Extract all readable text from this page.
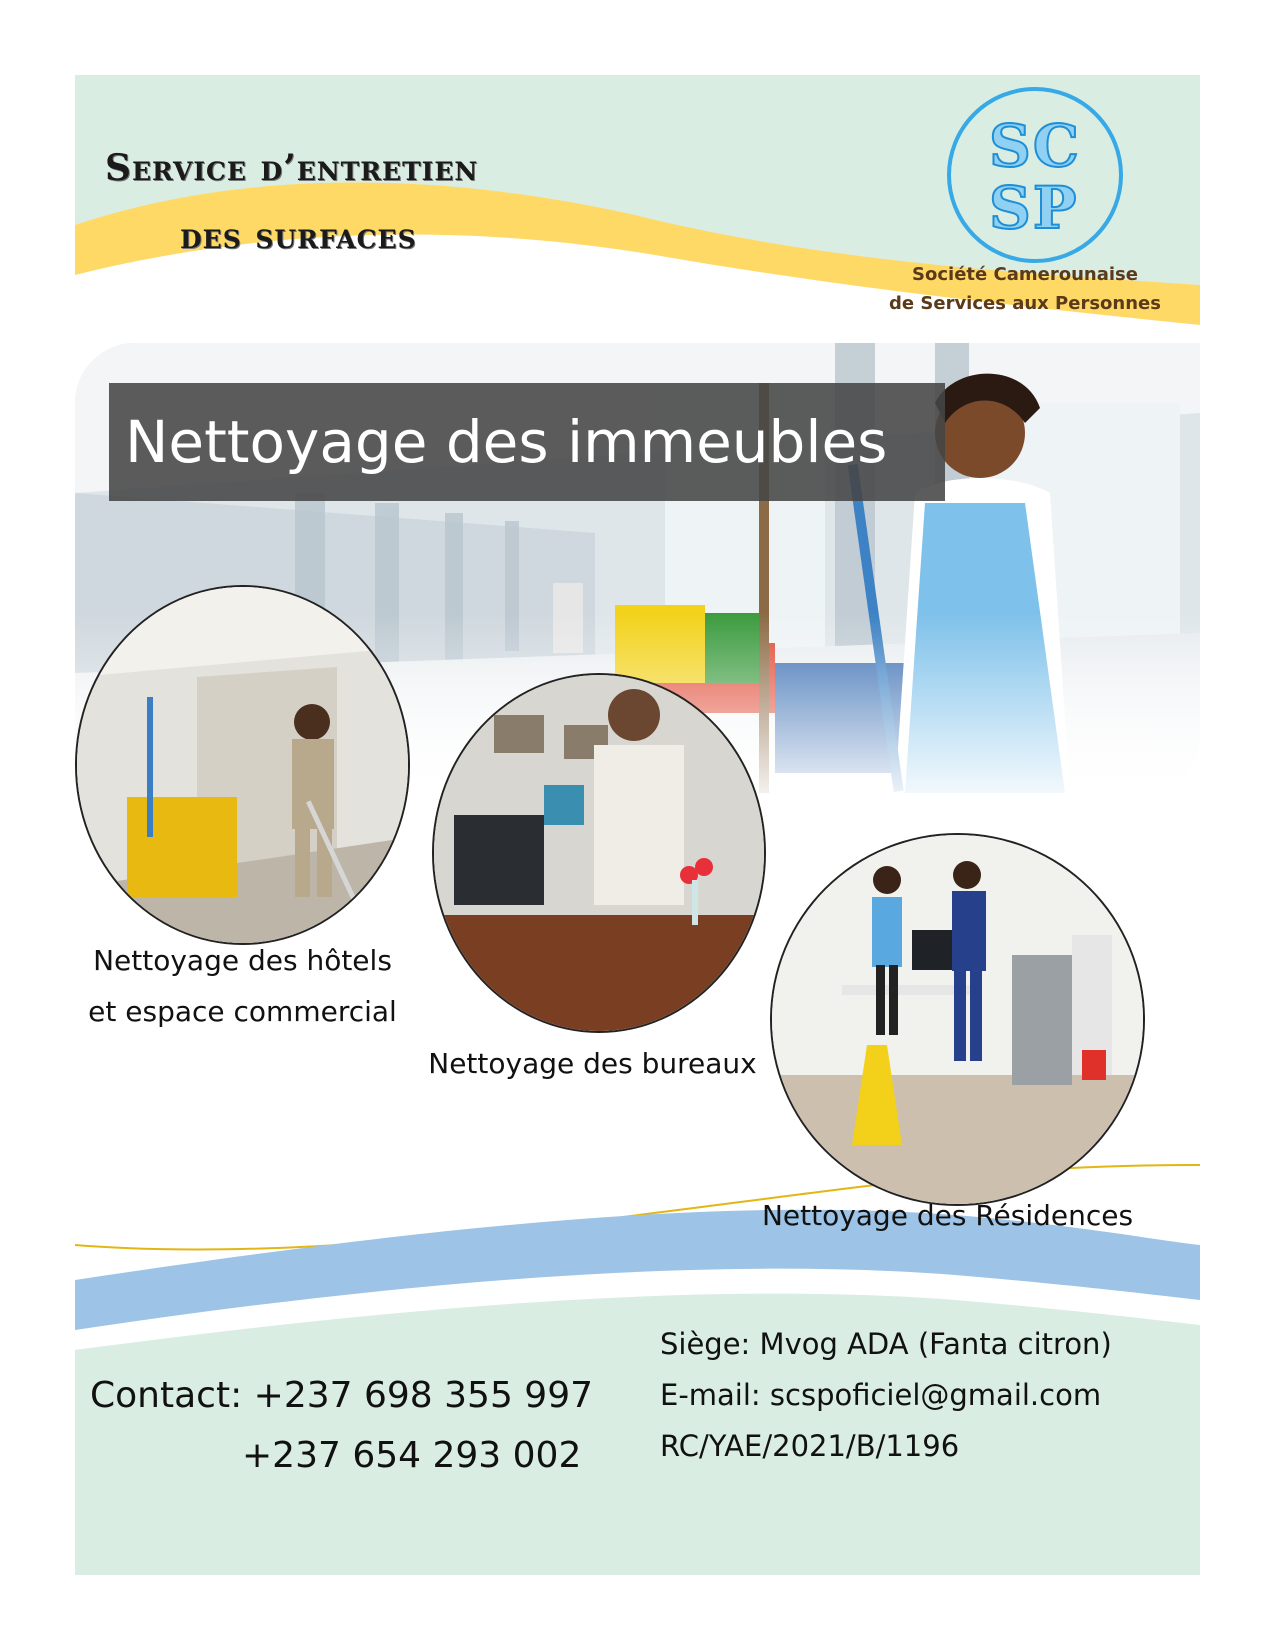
Service d’entretien
des surfaces
SC
SP
Société Camerounaise
de Services aux Personnes
Nettoyage des immeubles
Nettoyage des hôtels
et espace commercial
Nettoyage des bureaux
Nettoyage des Résidences
Contact: +237 698 355 997
+237 654 293 002
Siège: Mvog ADA (Fanta citron)
E-mail: scspoficiel@gmail.com
RC/YAE/2021/B/1196
